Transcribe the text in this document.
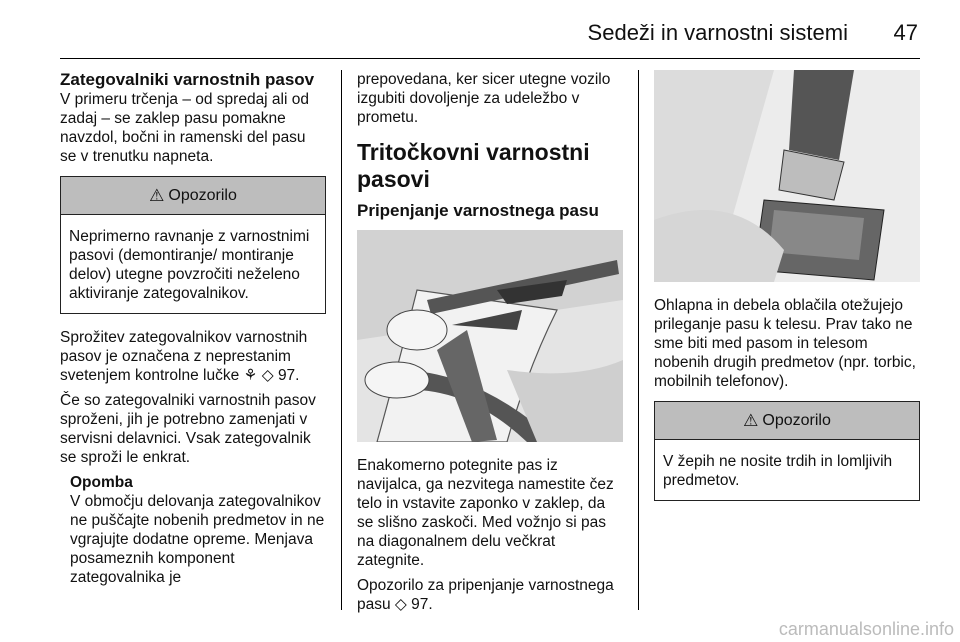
Sedeži in varnostni sistemi 47
Zategovalniki varnostnih pasov

V primeru trčenja – od spredaj ali od zadaj – se zaklep pasu pomakne navzdol, bočni in ramenski del pasu se v trenutku napneta.

⚠ Opozorilo
Neprimerno ravnanje z varnostnimi pasovi (demontiranje/ montiranje delov) utegne povzročiti neželeno aktiviranje zategovalnikov.

Sprožitev zategovalnikov varnostnih pasov je označena z neprestanim svetenjem kontrolne lučke ⚘ ◇ 97.

Če so zategovalniki varnostnih pasov sproženi, jih je potrebno zamenjati v servisni delavnici. Vsak zategovalnik se sproži le enkrat.

Opomba
V območju delovanja zategovalnikov ne puščajte nobenih predmetov in ne vgrajujte dodatne opreme. Menjava posameznih komponent zategovalnika je

prepovedana, ker sicer utegne vozilo izgubiti dovoljenje za udeležbo v prometu.

Tritočkovni varnostni pasovi
Pripenjanje varnostnega pasu

Enakomerno potegnite pas iz navijalca, ga nezvitega namestite čez telo in vstavite zaponko v zaklep, da se slišno zaskoči. Med vožnjo si pas na diagonalnem delu večkrat zategnite.

Opozorilo za pripenjanje varnostnega pasu ◇ 97.

Ohlapna in debela oblačila otežujejo prileganje pasu k telesu. Prav tako ne sme biti med pasom in telesom nobenih drugih predmetov (npr. torbic, mobilnih telefonov).

⚠ Opozorilo
V žepih ne nosite trdih in lomljivih predmetov.
carmanualsonline.info
